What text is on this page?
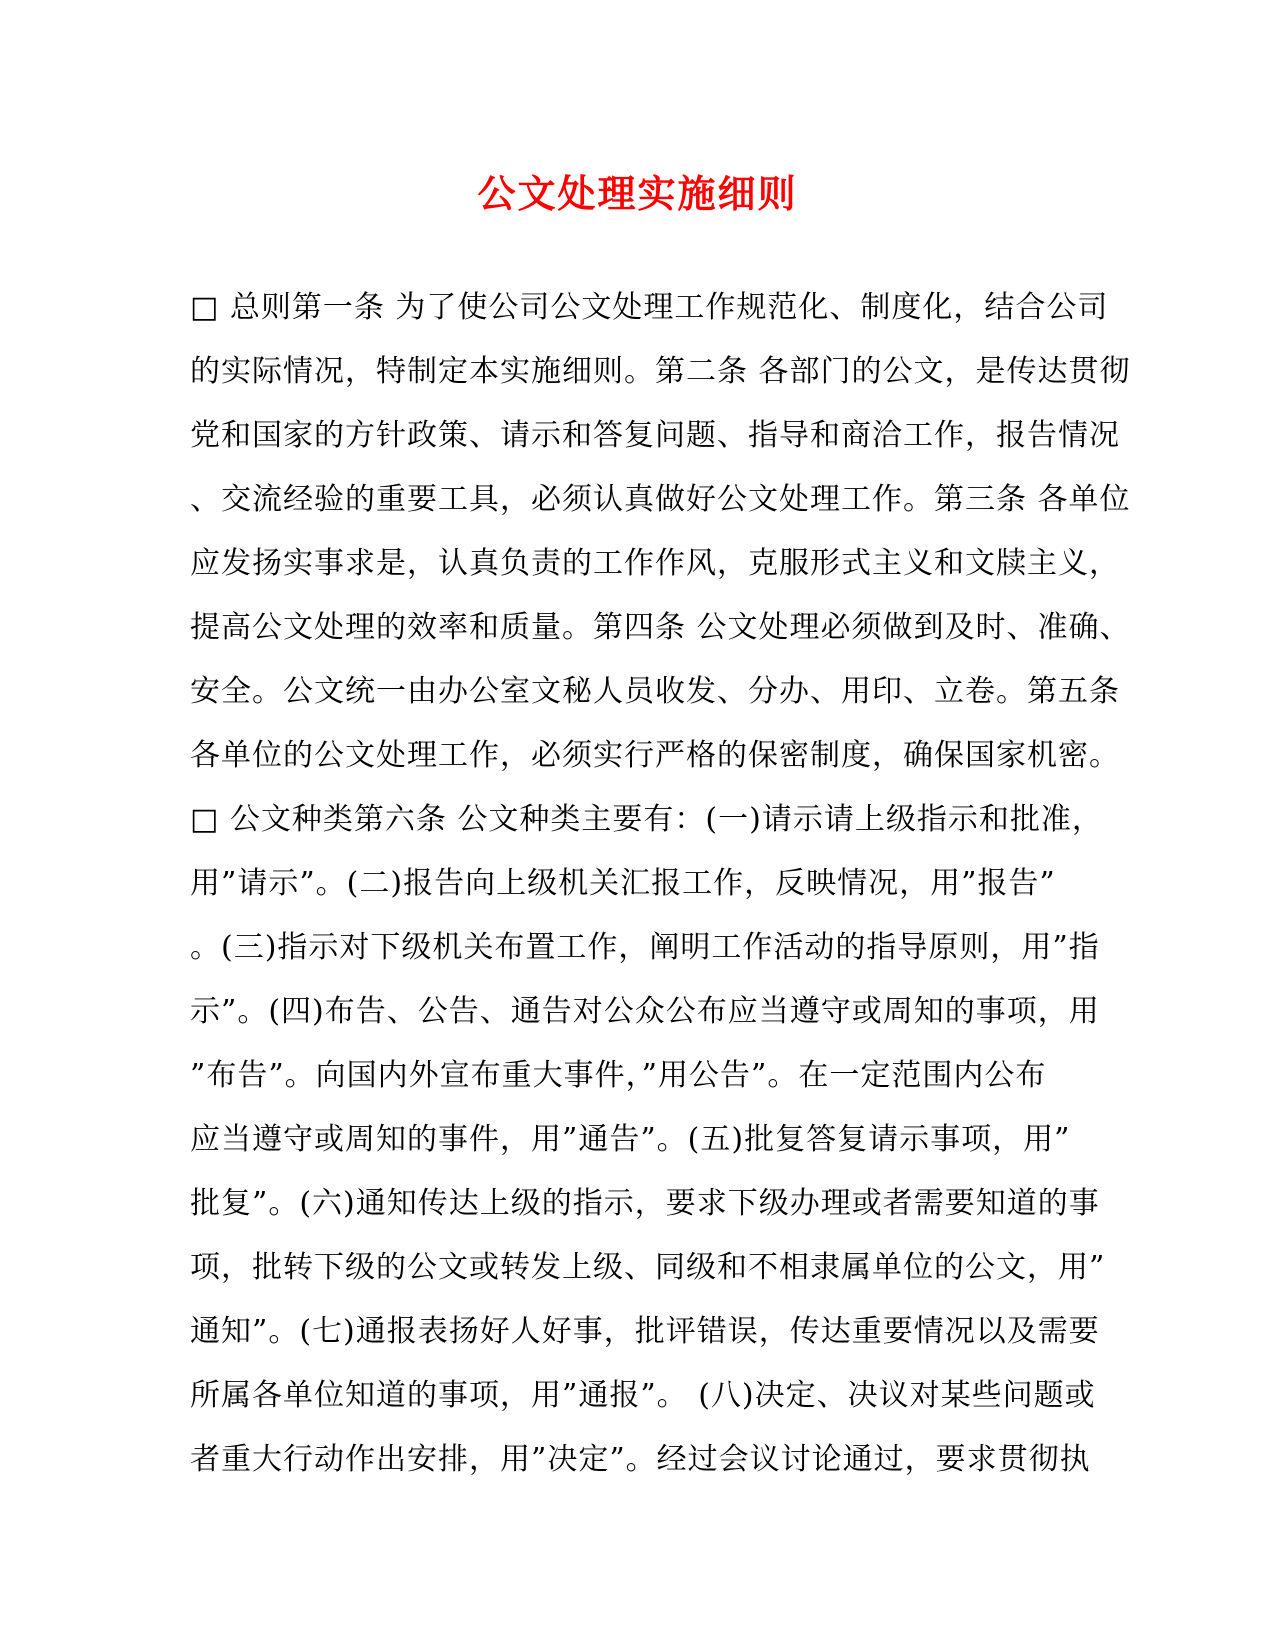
公文处理实施细则
□ 总则第一条 为了使公司公文处理工作规范化、制度化，结合公司
的实际情况，特制定本实施细则。第二条 各部门的公文，是传达贯彻
党和国家的方针政策、请示和答复问题、指导和商洽工作，报告情况
、交流经验的重要工具，必须认真做好公文处理工作。第三条 各单位
应发扬实事求是，认真负责的工作作风，克服形式主义和文牍主义，
提高公文处理的效率和质量。第四条 公文处理必须做到及时、准确、
安全。公文统一由办公室文秘人员收发、分办、用印、立卷。第五条
各单位的公文处理工作，必须实行严格的保密制度，确保国家机密。
□ 公文种类第六条 公文种类主要有：(一)请示请上级指示和批准，
用”请示”。(二)报告向上级机关汇报工作，反映情况，用”报告”
。(三)指示对下级机关布置工作，阐明工作活动的指导原则，用”指
示”。(四)布告、公告、通告对公众公布应当遵守或周知的事项，用
”布告”。向国内外宣布重大事件，”用公告”。在一定范围内公布
应当遵守或周知的事件，用”通告”。(五)批复答复请示事项，用”
批复”。(六)通知传达上级的指示，要求下级办理或者需要知道的事
项，批转下级的公文或转发上级、同级和不相隶属单位的公文，用”
通知”。(七)通报表扬好人好事，批评错误，传达重要情况以及需要
所属各单位知道的事项，用”通报”。 (八)决定、决议对某些问题或
者重大行动作出安排，用”决定”。经过会议讨论通过，要求贯彻执
